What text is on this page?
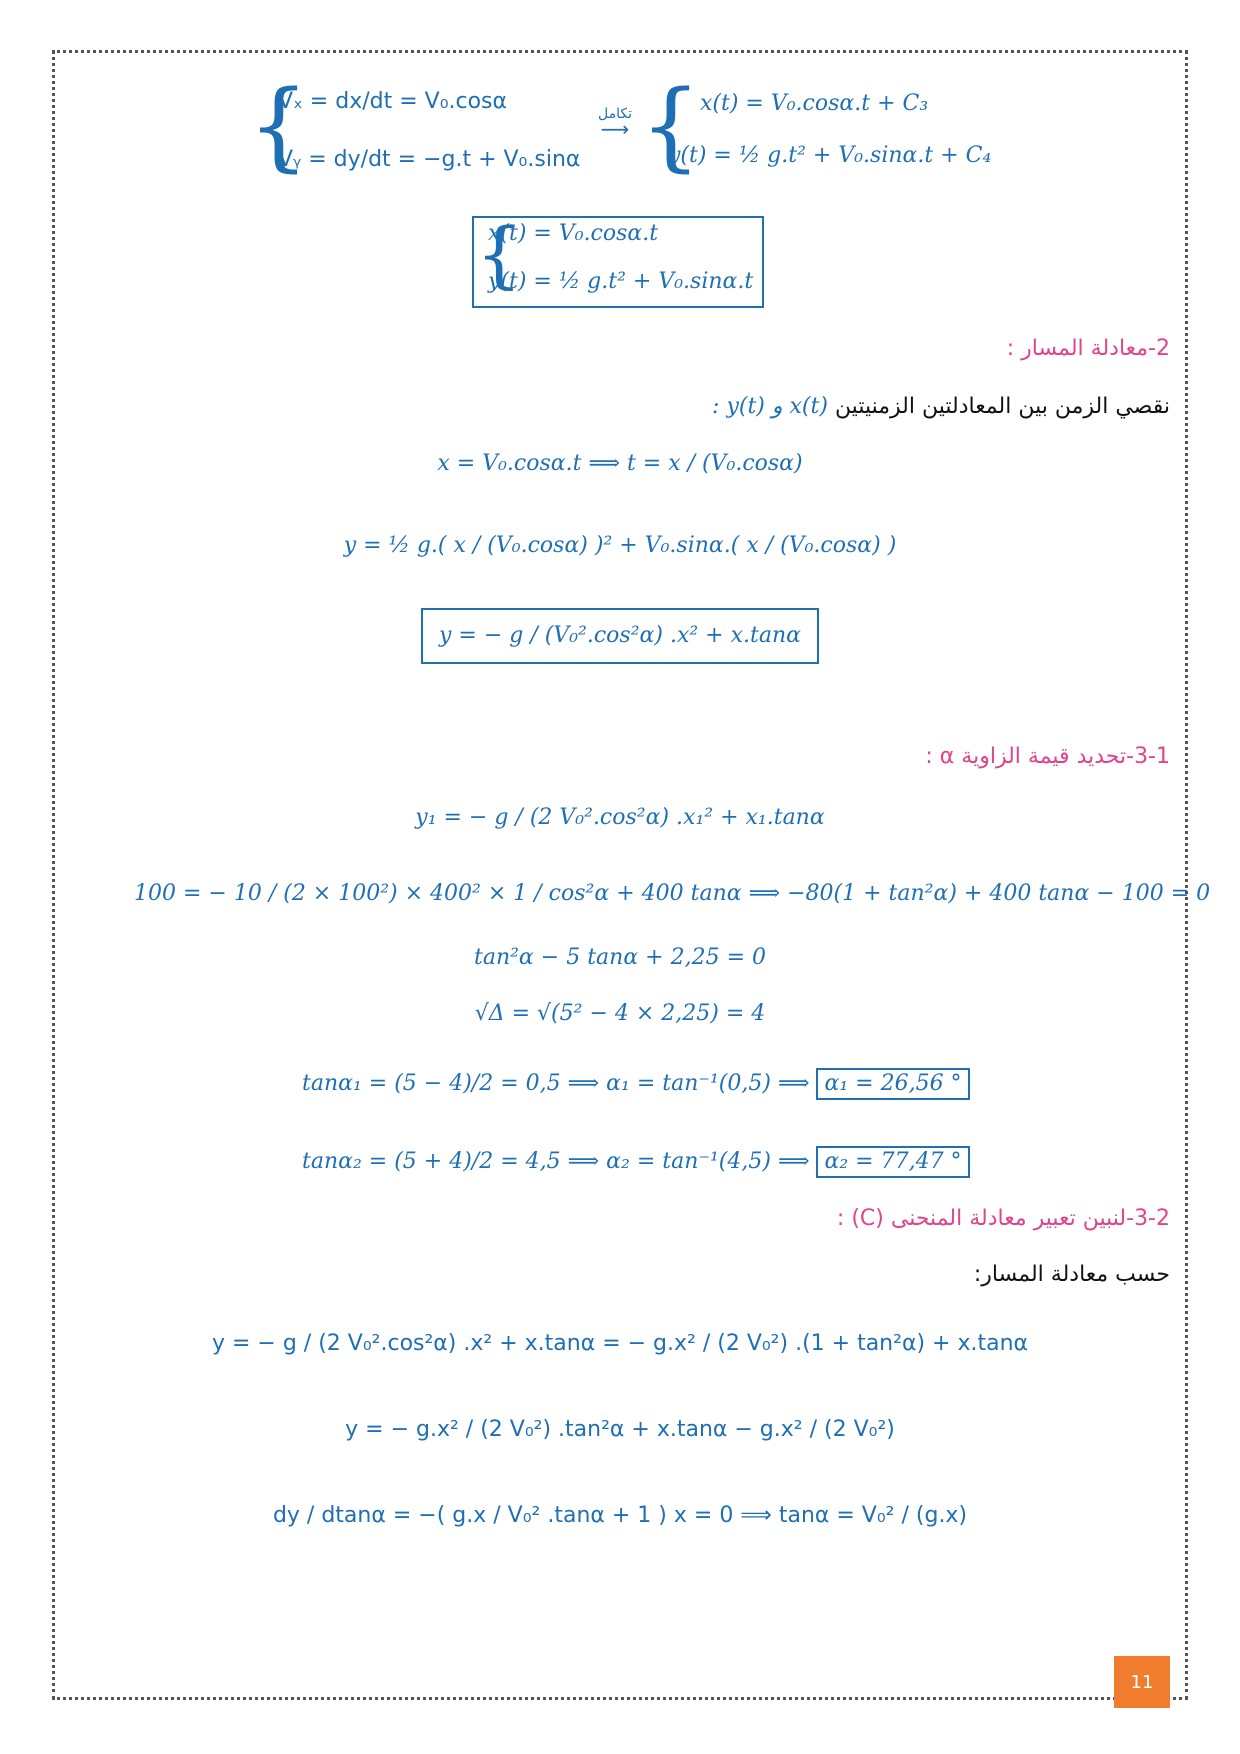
{
Vₓ = dx/dt = V₀.cosα
Vᵧ = dy/dt = −g.t + V₀.sinα
تكامل
⟶ {
x(t) = V₀.cosα.t + C₃
y(t) = ½ g.t² + V₀.sinα.t + C₄
{
x(t) = V₀.cosα.t
y(t) = ½ g.t² + V₀.sinα.t
2-معادلة المسار :
نقصي الزمن بين المعادلتين الزمنيتين x(t) و y(t) :
x = V₀.cosα.t ⟹ t = x / (V₀.cosα)
y = ½ g.( x / (V₀.cosα) )² + V₀.sinα.( x / (V₀.cosα) )
y = − g / (V₀².cos²α) .x² + x.tanα
3-1-تحديد قيمة الزاوية α :
y₁ = − g / (2 V₀².cos²α) .x₁² + x₁.tanα
100 = − 10 / (2 × 100²) × 400² × 1 / cos²α + 400 tanα ⟹ −80(1 + tan²α) + 400 tanα − 100 = 0
tan²α − 5 tanα + 2,25 = 0
√Δ = √(5² − 4 × 2,25) = 4
tanα₁ = (5 − 4)/2 = 0,5 ⟹ α₁ = tan⁻¹(0,5) ⟹ α₁ = 26,56 °
tanα₂ = (5 + 4)/2 = 4,5 ⟹ α₂ = tan⁻¹(4,5) ⟹ α₂ = 77,47 °
3-2-لنبين تعبير معادلة المنحنى (C) :
حسب معادلة المسار:
y = − g / (2 V₀².cos²α) .x² + x.tanα = − g.x² / (2 V₀²) .(1 + tan²α) + x.tanα
y = − g.x² / (2 V₀²) .tan²α + x.tanα − g.x² / (2 V₀²)
dy / dtanα = −( g.x / V₀² .tanα + 1 ) x = 0 ⟹ tanα = V₀² / (g.x)
11
